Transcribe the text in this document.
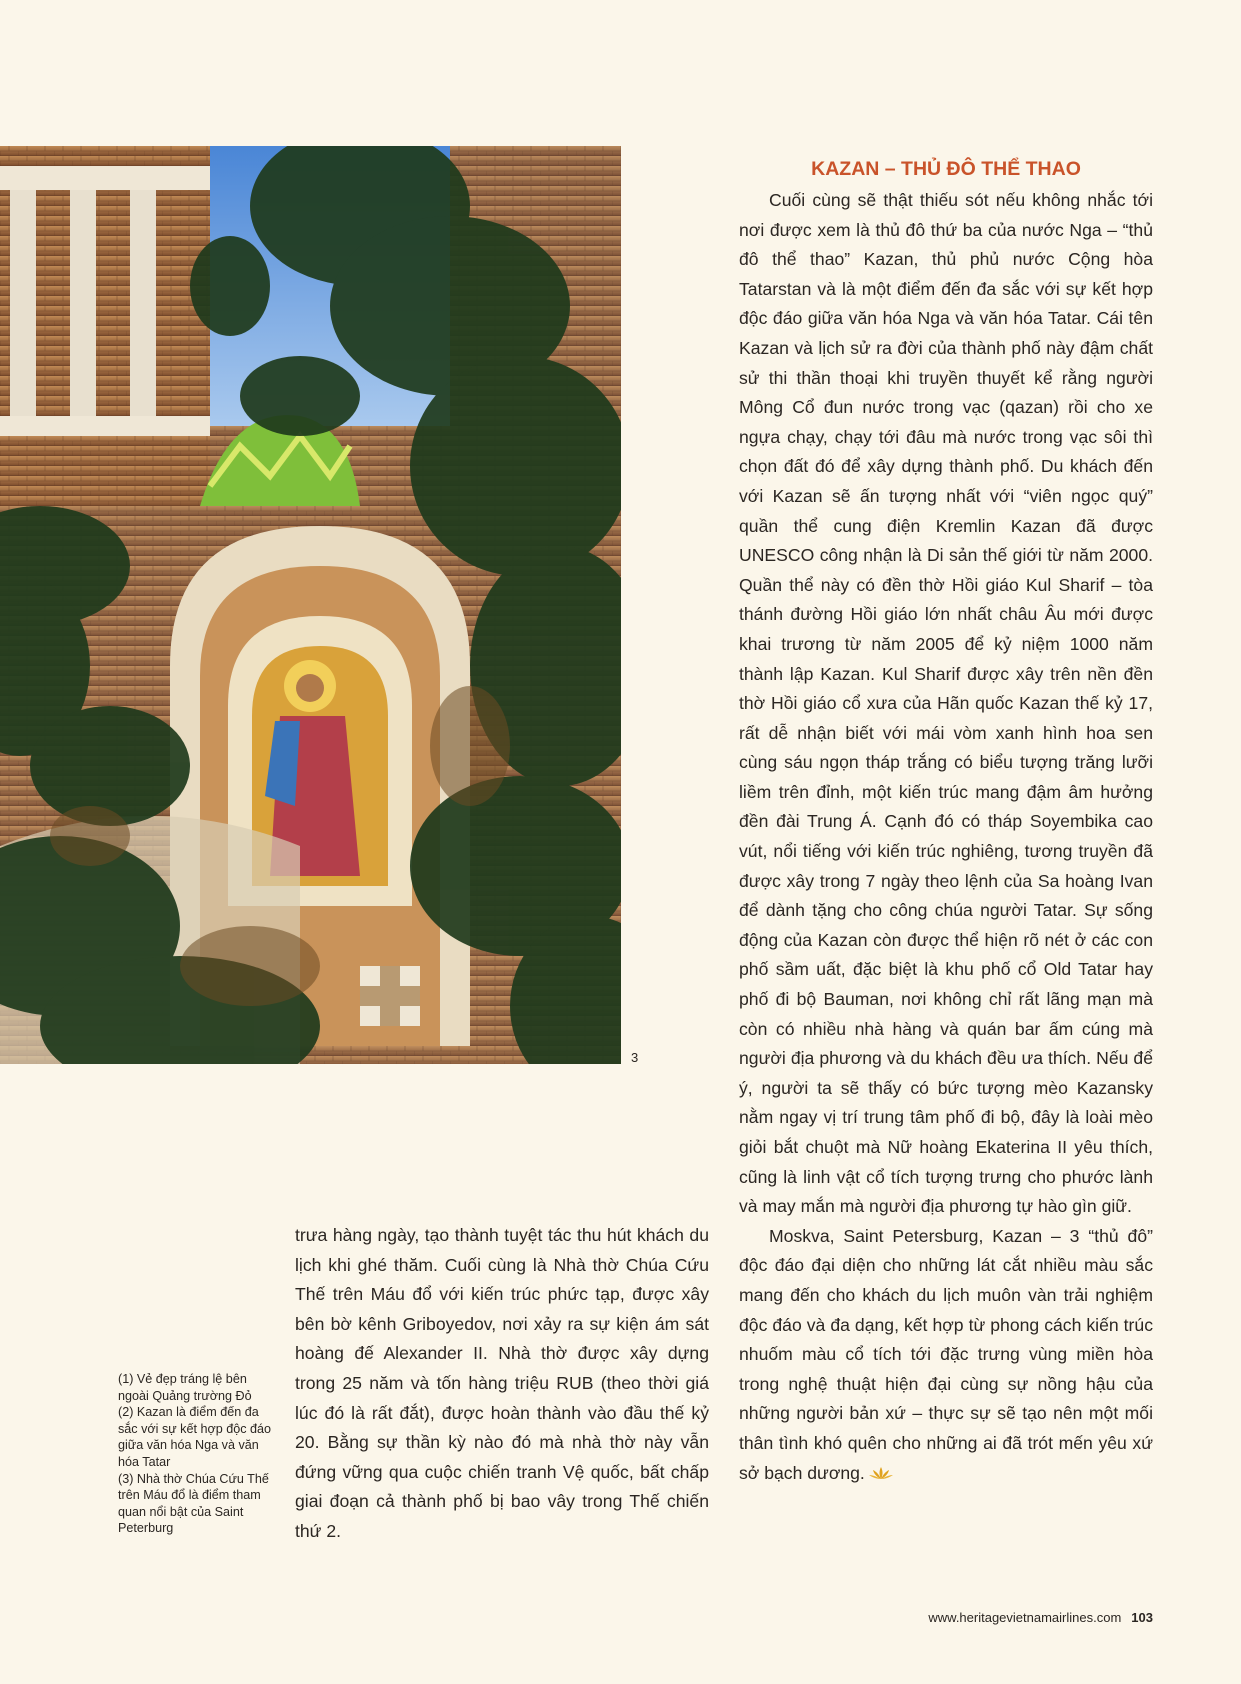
3
(1) Vẻ đẹp tráng lệ bên ngoài Quảng trường Đỏ
(2) Kazan là điểm đến đa sắc với sự kết hợp độc đáo giữa văn hóa Nga và văn hóa Tatar
(3) Nhà thờ Chúa Cứu Thế trên Máu đổ là điểm tham quan nổi bật của Saint Peterburg

trưa hàng ngày, tạo thành tuyệt tác thu hút khách du lịch khi ghé thăm. Cuối cùng là Nhà thờ Chúa Cứu Thế trên Máu đổ với kiến trúc phức tạp, được xây bên bờ kênh Griboyedov, nơi xảy ra sự kiện ám sát hoàng đế Alexander II. Nhà thờ được xây dựng trong 25 năm và tốn hàng triệu RUB (theo thời giá lúc đó là rất đắt), được hoàn thành vào đầu thế kỷ 20. Bằng sự thần kỳ nào đó mà nhà thờ này vẫn đứng vững qua cuộc chiến tranh Vệ quốc, bất chấp giai đoạn cả thành phố bị bao vây trong Thế chiến thứ 2.

KAZAN – THỦ ĐÔ THỂ THAO

Cuối cùng sẽ thật thiếu sót nếu không nhắc tới nơi được xem là thủ đô thứ ba của nước Nga – “thủ đô thể thao” Kazan, thủ phủ nước Cộng hòa Tatarstan và là một điểm đến đa sắc với sự kết hợp độc đáo giữa văn hóa Nga và văn hóa Tatar. Cái tên Kazan và lịch sử ra đời của thành phố này đậm chất sử thi thần thoại khi truyền thuyết kể rằng người Mông Cổ đun nước trong vạc (qazan) rồi cho xe ngựa chạy, chạy tới đâu mà nước trong vạc sôi thì chọn đất đó để xây dựng thành phố. Du khách đến với Kazan sẽ ấn tượng nhất với “viên ngọc quý” quần thể cung điện Kremlin Kazan đã được UNESCO công nhận là Di sản thế giới từ năm 2000. Quần thể này có đền thờ Hồi giáo Kul Sharif – tòa thánh đường Hồi giáo lớn nhất châu Âu mới được khai trương từ năm 2005 để kỷ niệm 1000 năm thành lập Kazan. Kul Sharif được xây trên nền đền thờ Hồi giáo cổ xưa của Hãn quốc Kazan thế kỷ 17, rất dễ nhận biết với mái vòm xanh hình hoa sen cùng sáu ngọn tháp trắng có biểu tượng trăng lưỡi liềm trên đỉnh, một kiến trúc mang đậm âm hưởng đền đài Trung Á. Cạnh đó có tháp Soyembika cao vút, nổi tiếng với kiến trúc nghiêng, tương truyền đã được xây trong 7 ngày theo lệnh của Sa hoàng Ivan để dành tặng cho công chúa người Tatar. Sự sống động của Kazan còn được thể hiện rõ nét ở các con phố sầm uất, đặc biệt là khu phố cổ Old Tatar hay phố đi bộ Bauman, nơi không chỉ rất lãng mạn mà còn có nhiều nhà hàng và quán bar ấm cúng mà người địa phương và du khách đều ưa thích. Nếu để ý, người ta sẽ thấy có bức tượng mèo Kazansky nằm ngay vị trí trung tâm phố đi bộ, đây là loài mèo giỏi bắt chuột mà Nữ hoàng Ekaterina II yêu thích, cũng là linh vật cổ tích tượng trưng cho phước lành và may mắn mà người địa phương tự hào gìn giữ.

Moskva, Saint Petersburg, Kazan – 3 “thủ đô” độc đáo đại diện cho những lát cắt nhiều màu sắc mang đến cho khách du lịch muôn vàn trải nghiệm độc đáo và đa dạng, kết hợp từ phong cách kiến trúc nhuốm màu cổ tích tới đặc trưng vùng miền hòa trong nghệ thuật hiện đại cùng sự nồng hậu của những người bản xứ – thực sự sẽ tạo nên một mối thân tình khó quên cho những ai đã trót mến yêu xứ sở bạch dương.

www.heritagevietnamairlines.com 103
